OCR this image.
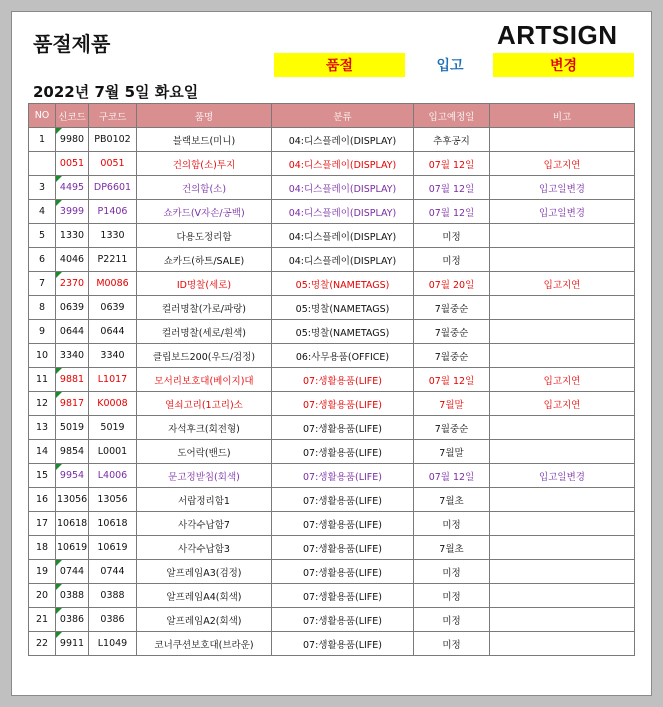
품절제품	ARTSIGN
품절	입고	변경
2022년 7월 5일 화요일
NO	신코드	구코드	품명	분류	입고예정일	비고
1	9980	PB0102	블랙보드(미니)	04:디스플레이(DISPLAY)	추후공지	
	0051	0051	건의함(소)투지	04:디스플레이(DISPLAY)	07월 12일	입고지연
3	4495	DP6601	건의함(소)	04:디스플레이(DISPLAY)	07월 12일	입고일변경
4	3999	P1406	쇼카드(V자손/공백)	04:디스플레이(DISPLAY)	07월 12일	입고일변경
5	1330	1330	다용도정리함	04:디스플레이(DISPLAY)	미정	
6	4046	P2211	쇼카드(하트/SALE)	04:디스플레이(DISPLAY)	미정	
7	2370	M0086	ID명찰(세로)	05:명찰(NAMETAGS)	07월 20일	입고지연
8	0639	0639	컬러명찰(가로/파랑)	05:명찰(NAMETAGS)	7월중순	
9	0644	0644	컬러명찰(세로/흰색)	05:명찰(NAMETAGS)	7월중순	
10	3340	3340	클립보드200(우드/검정)	06:사무용품(OFFICE)	7월중순	
11	9881	L1017	모서리보호대(베이지)대	07:생활용품(LIFE)	07월 12일	입고지연
12	9817	K0008	열쇠고리(1고리)소	07:생활용품(LIFE)	7월말	입고지연
13	5019	5019	자석후크(회전형)	07:생활용품(LIFE)	7월중순	
14	9854	L0001	도어락(밴드)	07:생활용품(LIFE)	7월말	
15	9954	L4006	문고정받침(회색)	07:생활용품(LIFE)	07월 12일	입고일변경
16	13056	13056	서랍정리함1	07:생활용품(LIFE)	7월초	
17	10618	10618	사각수납함7	07:생활용품(LIFE)	미정	
18	10619	10619	사각수납함3	07:생활용품(LIFE)	7월초	
19	0744	0744	알프레임A3(검정)	07:생활용품(LIFE)	미정	
20	0388	0388	알프레임A4(회색)	07:생활용품(LIFE)	미정	
21	0386	0386	알프레임A2(회색)	07:생활용품(LIFE)	미정	
22	9911	L1049	코너쿠션보호대(브라운)	07:생활용품(LIFE)	미정	
